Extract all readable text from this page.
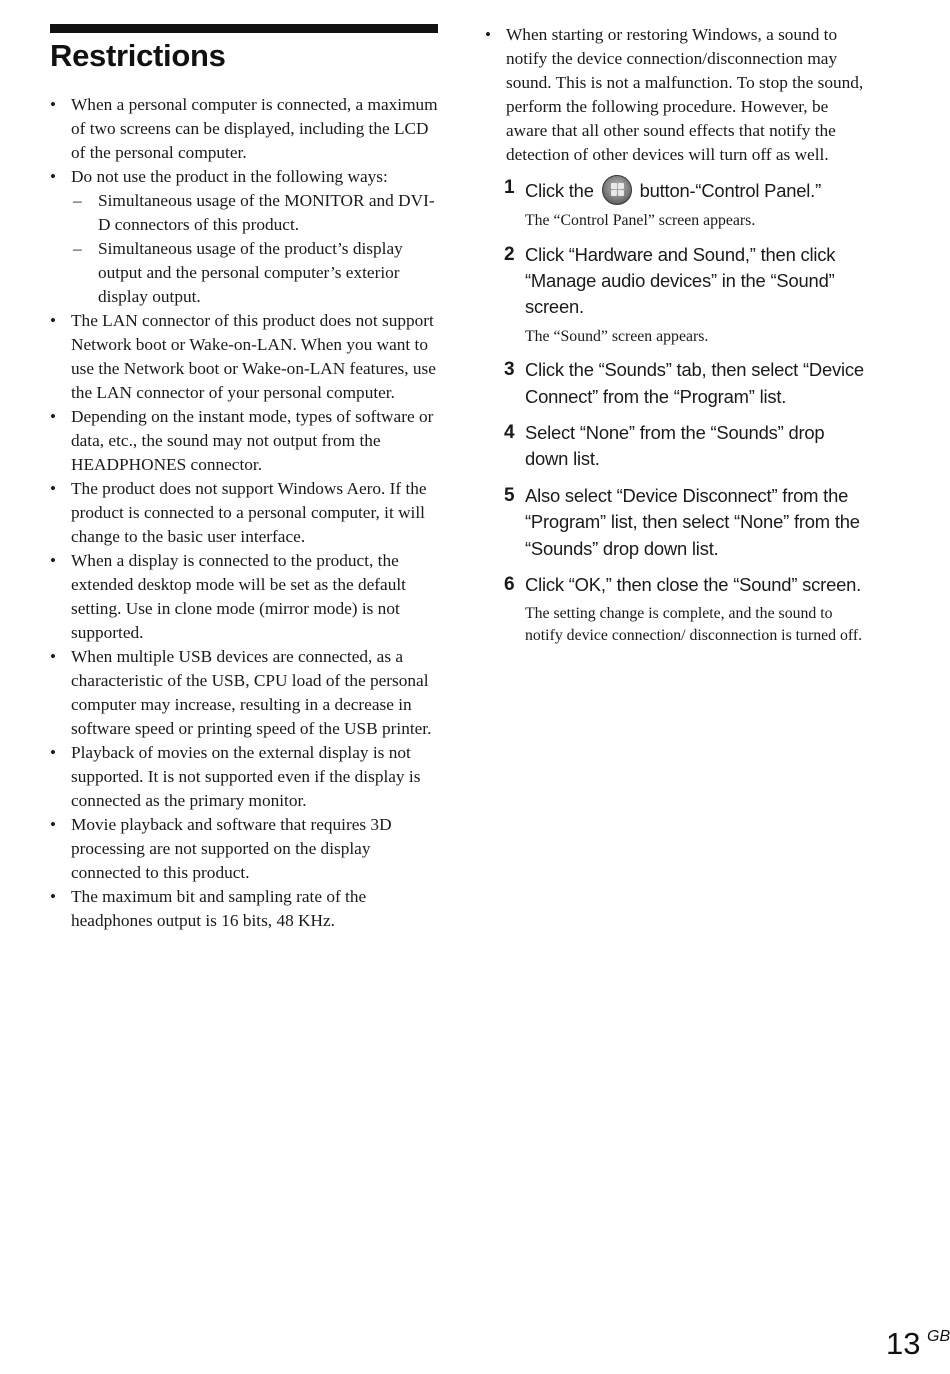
Restrictions
• When a personal computer is connected, a maximum of two screens can be displayed, including the LCD of the personal computer.
• Do not use the product in the following ways:
– Simultaneous usage of the MONITOR and DVI-D connectors of this product.
– Simultaneous usage of the product’s display output and the personal computer’s exterior display output.
• The LAN connector of this product does not support Network boot or Wake-on-LAN. When you want to use the Network boot or Wake-on-LAN features, use the LAN connector of your personal computer.
• Depending on the instant mode, types of software or data, etc., the sound may not output from the HEADPHONES connector.
• The product does not support Windows Aero. If the product is connected to a personal computer, it will change to the basic user interface.
• When a display is connected to the product, the extended desktop mode will be set as the default setting. Use in clone mode (mirror mode) is not supported.
• When multiple USB devices are connected, as a characteristic of the USB, CPU load of the personal computer may increase, resulting in a decrease in software speed or printing speed of the USB printer.
• Playback of movies on the external display is not supported. It is not supported even if the display is connected as the primary monitor.
• Movie playback and software that requires 3D processing are not supported on the display connected to this product.
• The maximum bit and sampling rate of the headphones output is 16 bits, 48 KHz.
• When starting or restoring Windows, a sound to notify the device connection/disconnection may sound. This is not a malfunction. To stop the sound, perform the following procedure. However, be aware that all other sound effects that notify the detection of other devices will turn off as well.
1 Click the button-“Control Panel.”
The “Control Panel” screen appears.
2 Click “Hardware and Sound,” then click “Manage audio devices” in the “Sound” screen.
The “Sound” screen appears.
3 Click the “Sounds” tab, then select “Device Connect” from the “Program” list.
4 Select “None” from the “Sounds” drop down list.
5 Also select “Device Disconnect” from the “Program” list, then select “None” from the “Sounds” drop down list.
6 Click “OK,” then close the “Sound” screen.
The setting change is complete, and the sound to notify device connection/ disconnection is turned off.
13 GB
